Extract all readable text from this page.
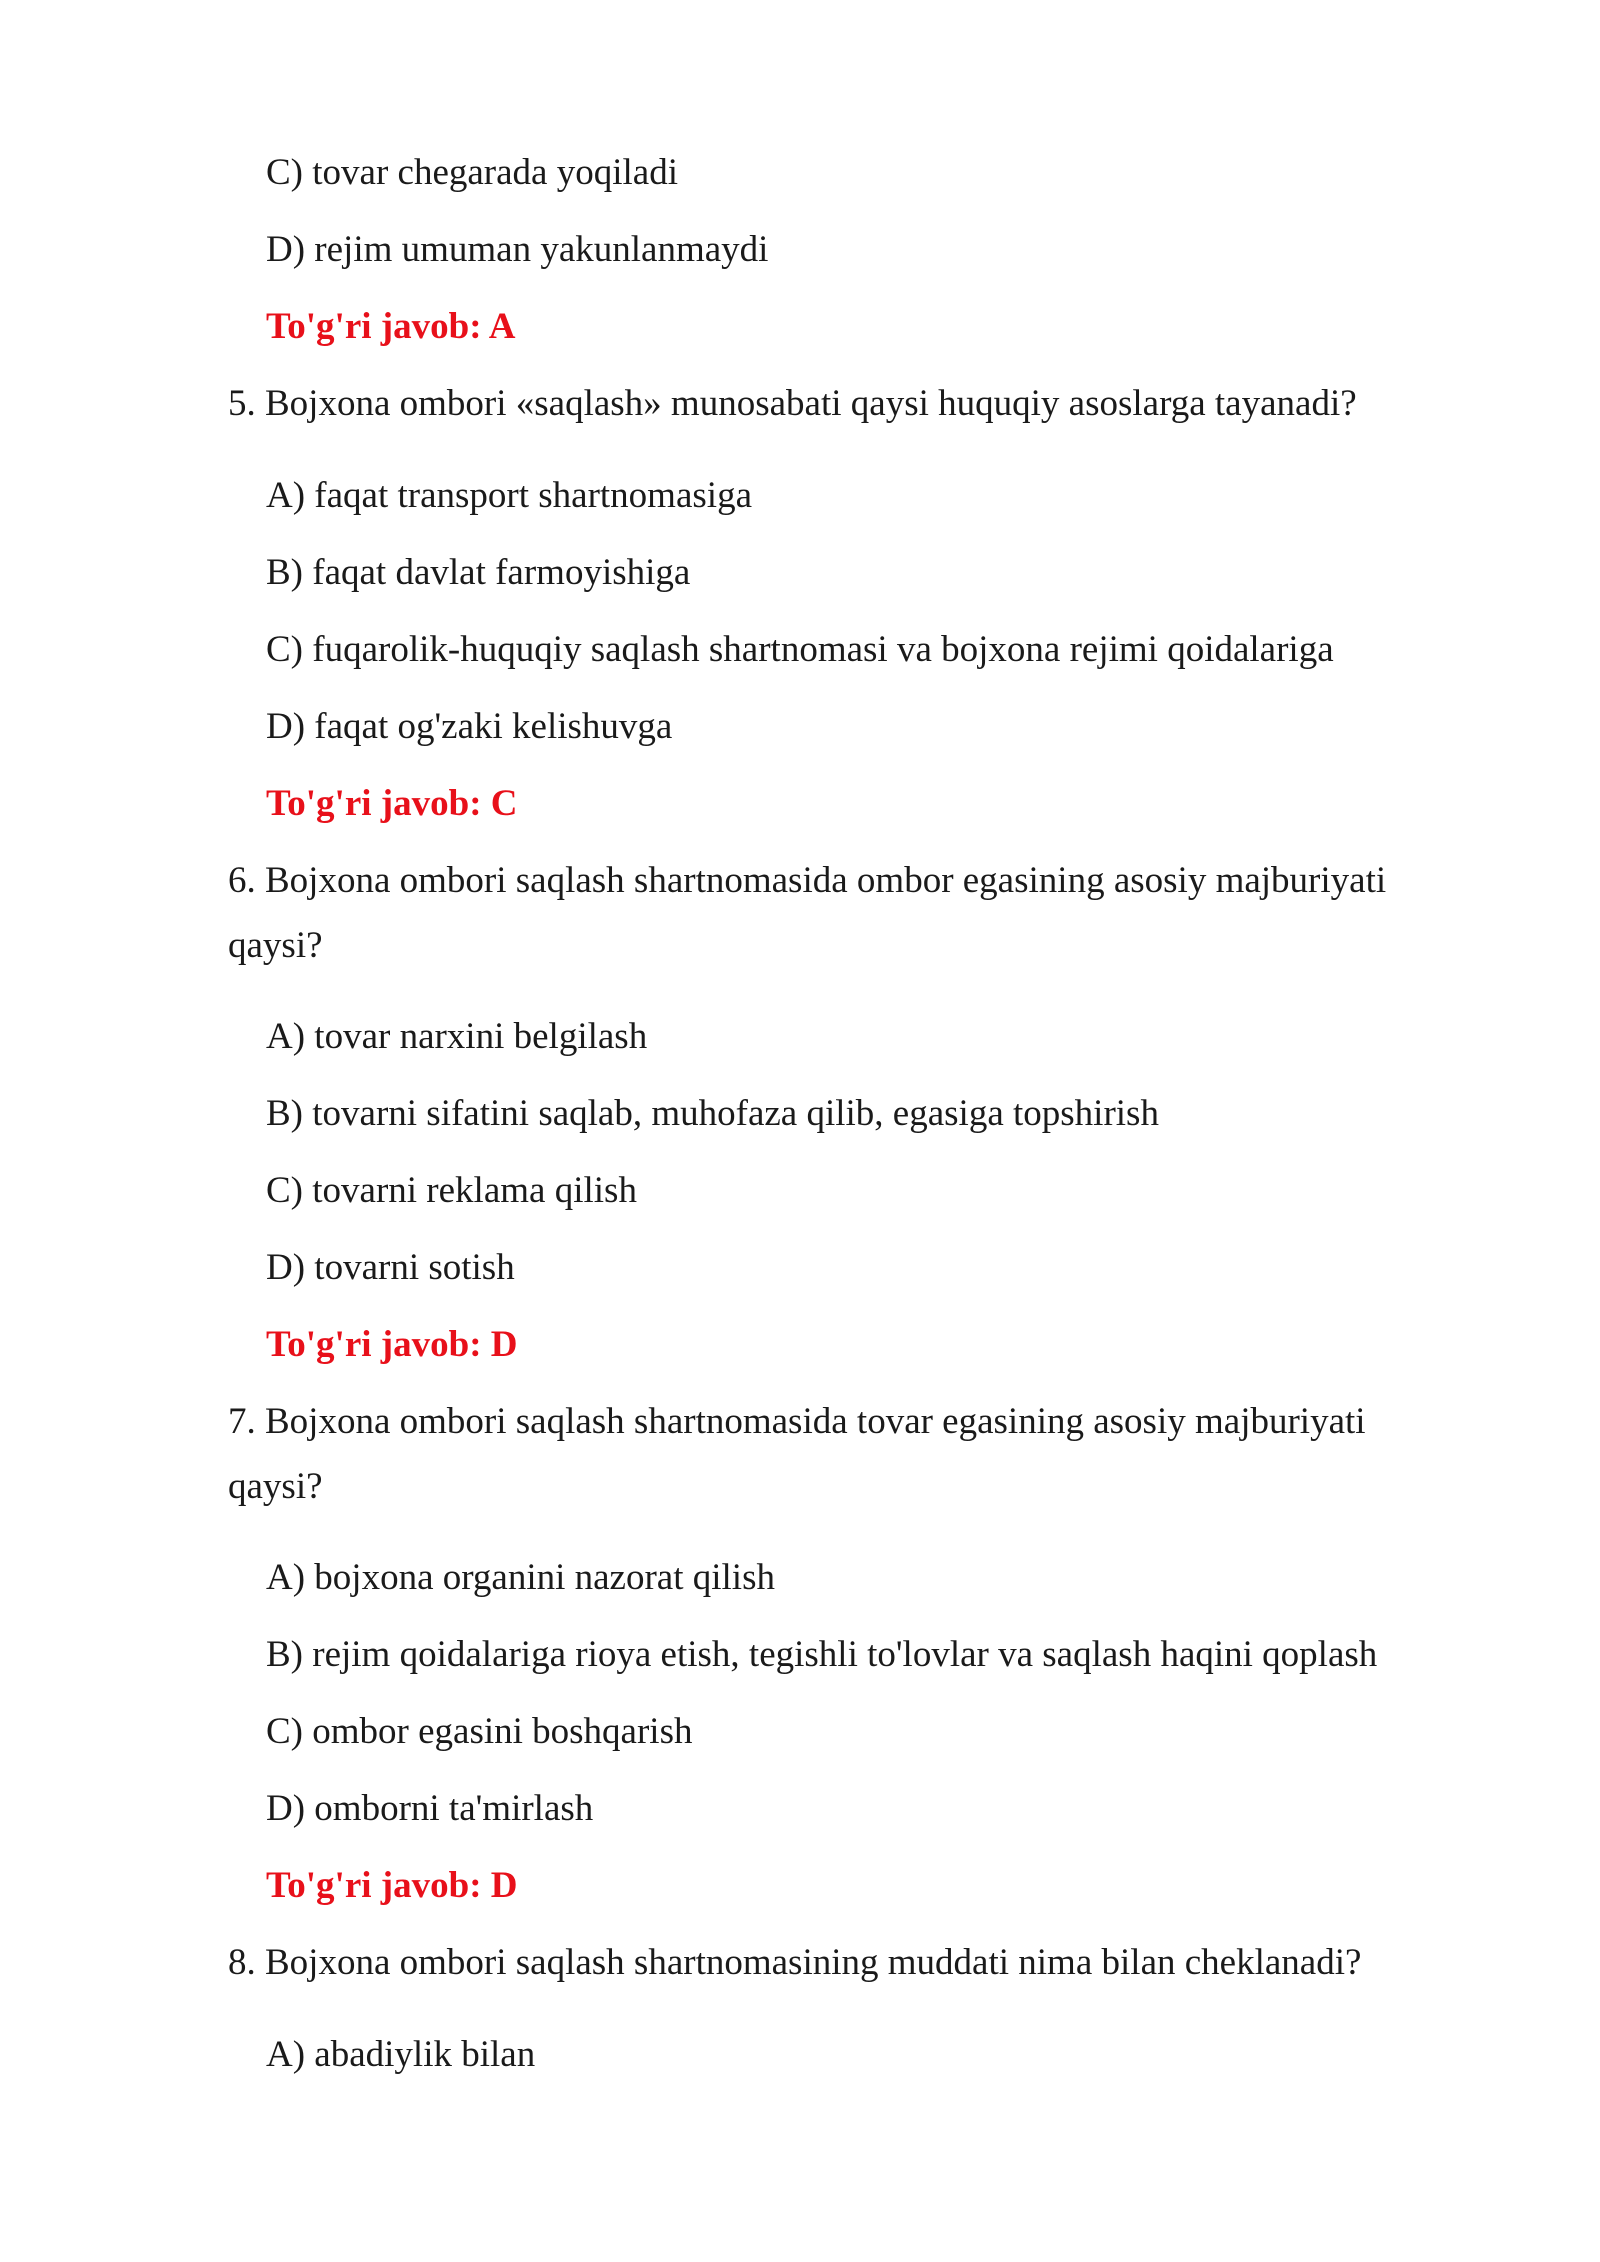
C) tovar chegarada yoqiladi
D) rejim umuman yakunlanmaydi
To'g'ri javob: A
5. Bojxona ombori «saqlash» munosabati qaysi huquqiy asoslarga tayanadi?
A) faqat transport shartnomasiga
B) faqat davlat farmoyishiga
C) fuqarolik-huquqiy saqlash shartnomasi va bojxona rejimi qoidalariga
D) faqat og'zaki kelishuvga
To'g'ri javob: C
6. Bojxona ombori saqlash shartnomasida ombor egasining asosiy majburiyati
qaysi?
A) tovar narxini belgilash
B) tovarni sifatini saqlab, muhofaza qilib, egasiga topshirish
C) tovarni reklama qilish
D) tovarni sotish
To'g'ri javob: D
7. Bojxona ombori saqlash shartnomasida tovar egasining asosiy majburiyati
qaysi?
A) bojxona organini nazorat qilish
B) rejim qoidalariga rioya etish, tegishli to'lovlar va saqlash haqini qoplash
C) ombor egasini boshqarish
D) omborni ta'mirlash
To'g'ri javob: D
8. Bojxona ombori saqlash shartnomasining muddati nima bilan cheklanadi?
A) abadiylik bilan
